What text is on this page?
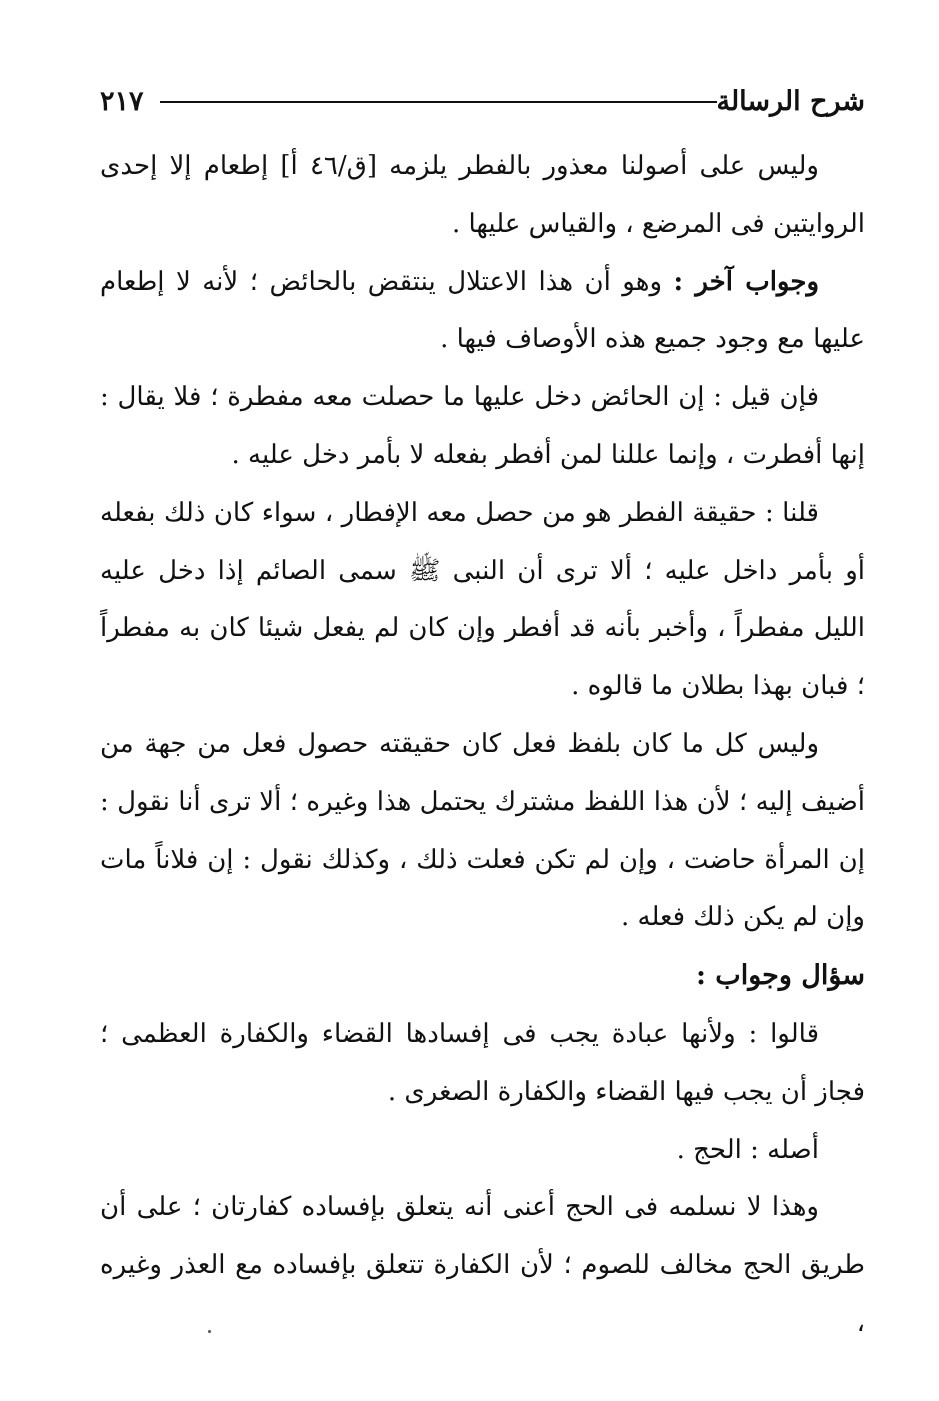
شرح الرسالة
٢١٧

وليس على أصولنا معذور بالفطر يلزمه [ق/٤٦ أ] إطعام إلا إحدى الروايتين فى المرضع ، والقياس عليها .

وجواب آخر : وهو أن هذا الاعتلال ينتقض بالحائض ؛ لأنه لا إطعام عليها مع وجود جميع هذه الأوصاف فيها .

فإن قيل : إن الحائض دخل عليها ما حصلت معه مفطرة ؛ فلا يقال : إنها أفطرت ، وإنما عللنا لمن أفطر بفعله لا بأمر دخل عليه .

قلنا : حقيقة الفطر هو من حصل معه الإفطار ، سواء كان ذلك بفعله أو بأمر داخل عليه ؛ ألا ترى أن النبى ﷺ سمى الصائم إذا دخل عليه الليل مفطراً ، وأخبر بأنه قد أفطر وإن كان لم يفعل شيئا كان به مفطراً ؛ فبان بهذا بطلان ما قالوه .

وليس كل ما كان بلفظ فعل كان حقيقته حصول فعل من جهة من أضيف إليه ؛ لأن هذا اللفظ مشترك يحتمل هذا وغيره ؛ ألا ترى أنا نقول : إن المرأة حاضت ، وإن لم تكن فعلت ذلك ، وكذلك نقول : إن فلاناً مات وإن لم يكن ذلك فعله .

سؤال وجواب :

قالوا : ولأنها عبادة يجب فى إفسادها القضاء والكفارة العظمى ؛ فجاز أن يجب فيها القضاء والكفارة الصغرى .

أصله : الحج .

وهذا لا نسلمه فى الحج أعنى أنه يتعلق بإفساده كفارتان ؛ على أن طريق الحج مخالف للصوم ؛ لأن الكفارة تتعلق بإفساده مع العذر وغيره ،
